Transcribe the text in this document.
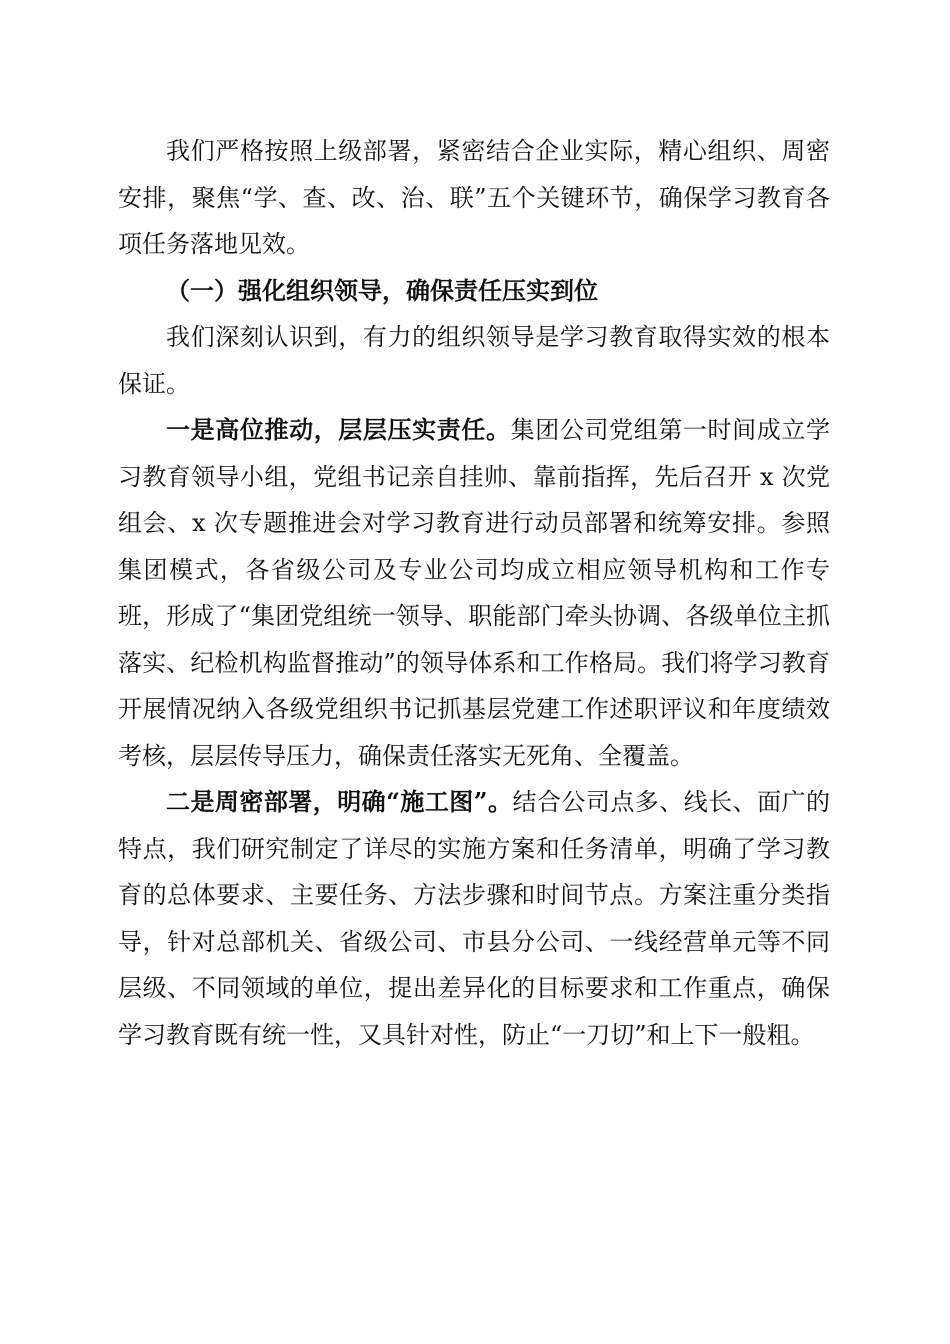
我们严格按照上级部署，紧密结合企业实际，精心组织、周密安排，聚焦“学、查、改、治、联”五个关键环节，确保学习教育各项任务落地见效。

（一）强化组织领导，确保责任压实到位

我们深刻认识到，有力的组织领导是学习教育取得实效的根本保证。

一是高位推动，层层压实责任。集团公司党组第一时间成立学习教育领导小组，党组书记亲自挂帅、靠前指挥，先后召开 x 次党组会、x 次专题推进会对学习教育进行动员部署和统筹安排。参照集团模式，各省级公司及专业公司均成立相应领导机构和工作专班，形成了“集团党组统一领导、职能部门牵头协调、各级单位主抓落实、纪检机构监督推动”的领导体系和工作格局。我们将学习教育开展情况纳入各级党组织书记抓基层党建工作述职评议和年度绩效考核，层层传导压力，确保责任落实无死角、全覆盖。

二是周密部署，明确“施工图”。结合公司点多、线长、面广的特点，我们研究制定了详尽的实施方案和任务清单，明确了学习教育的总体要求、主要任务、方法步骤和时间节点。方案注重分类指导，针对总部机关、省级公司、市县分公司、一线经营单元等不同层级、不同领域的单位，提出差异化的目标要求和工作重点，确保学习教育既有统一性，又具针对性，防止“一刀切”和上下一般粗。
